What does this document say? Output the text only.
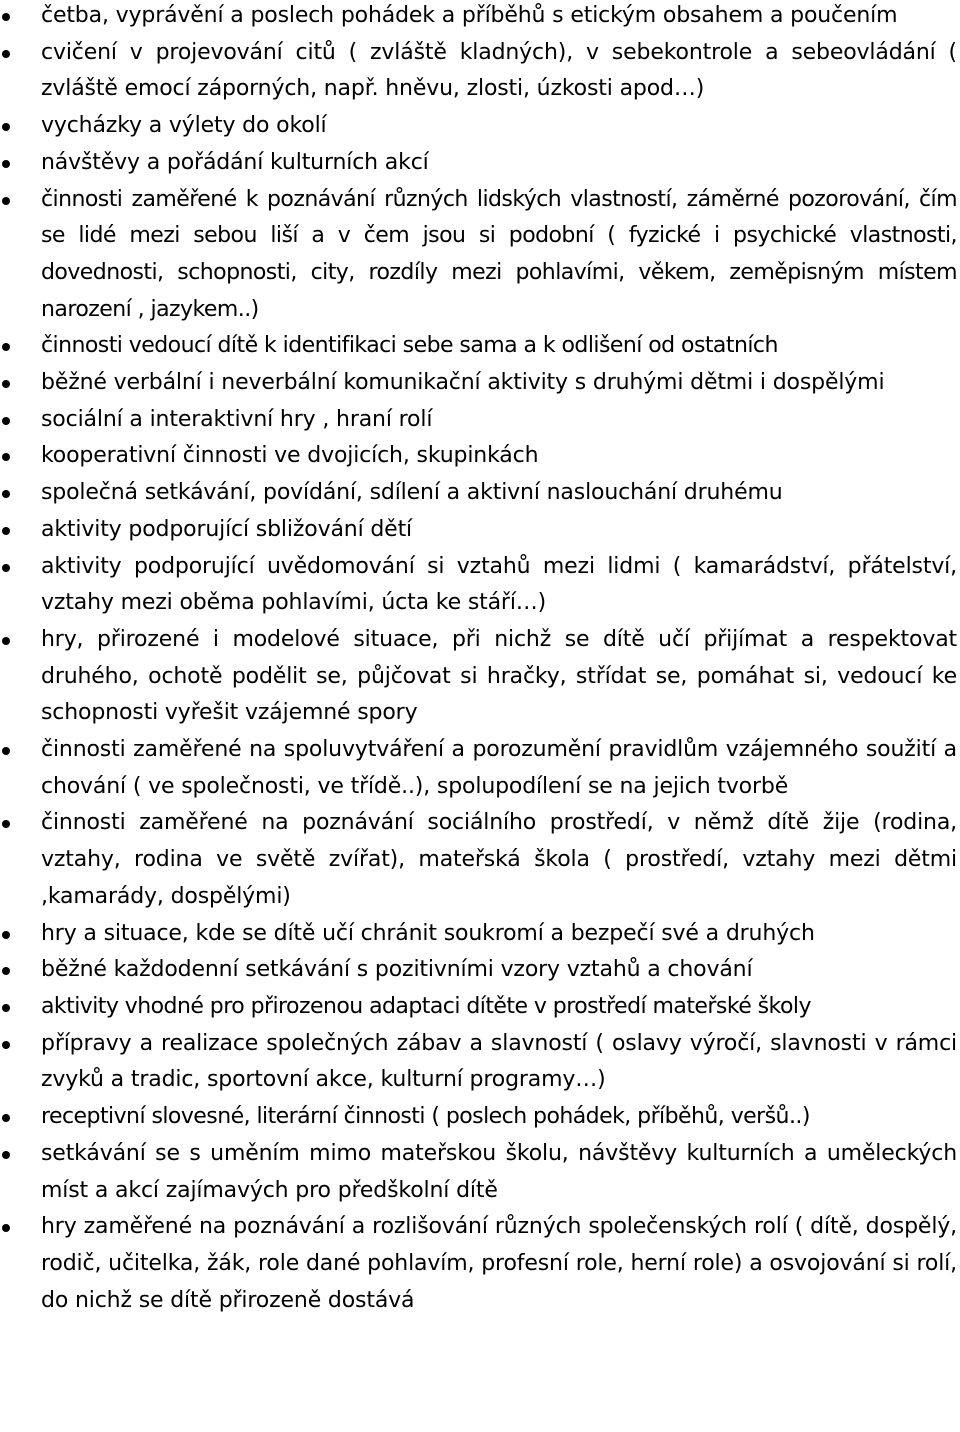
četba, vyprávění a poslech pohádek a příběhů s etickým obsahem a poučením
cvičení v projevování citů ( zvláště kladných), v sebekontrole a sebeovládání ( zvláště emocí záporných, např. hněvu, zlosti, úzkosti apod…)
vycházky a výlety do okolí
návštěvy a pořádání kulturních akcí
činnosti zaměřené k poznávání různých lidských vlastností, záměrné pozorování, čím se lidé mezi sebou liší a v čem jsou si podobní ( fyzické i psychické vlastnosti, dovednosti, schopnosti, city, rozdíly mezi pohlavími, věkem, zeměpisným místem narození , jazykem..)
činnosti vedoucí dítě k identifikaci sebe sama a k odlišení od ostatních
běžné verbální i neverbální komunikační aktivity s druhými dětmi i dospělými
sociální a interaktivní hry , hraní rolí
kooperativní činnosti ve dvojicích, skupinkách
společná setkávání, povídání, sdílení a aktivní naslouchání druhému
aktivity podporující sbližování dětí
aktivity podporující uvědomování si vztahů mezi lidmi ( kamarádství, přátelství, vztahy mezi oběma pohlavími, úcta ke stáří…)
hry, přirozené i modelové situace, při nichž se dítě učí přijímat a respektovat druhého, ochotě podělit se, půjčovat si hračky, střídat se, pomáhat si, vedoucí ke schopnosti vyřešit vzájemné spory
činnosti zaměřené na spoluvytváření a porozumění pravidlům vzájemného soužití a chování ( ve společnosti, ve třídě..), spolupodílení se na jejich tvorbě
činnosti zaměřené na poznávání sociálního prostředí, v němž dítě žije (rodina, vztahy, rodina ve světě zvířat), mateřská škola ( prostředí, vztahy mezi dětmi ,kamarády, dospělými)
hry a situace, kde se dítě učí chránit soukromí a bezpečí své a druhých
běžné každodenní setkávání s pozitivními vzory vztahů a chování
aktivity vhodné pro přirozenou adaptaci dítěte v prostředí mateřské školy
přípravy a realizace společných zábav a slavností ( oslavy výročí, slavnosti v rámci zvyků a tradic, sportovní akce, kulturní programy…)
receptivní slovesné, literární činnosti ( poslech pohádek, příběhů, veršů..)
setkávání se s uměním mimo mateřskou školu, návštěvy kulturních a uměleckých míst a akcí zajímavých pro předškolní dítě
hry zaměřené na poznávání a rozlišování různých společenských rolí ( dítě, dospělý, rodič, učitelka, žák, role dané pohlavím, profesní role, herní role) a osvojování si rolí, do nichž se dítě přirozeně dostává
